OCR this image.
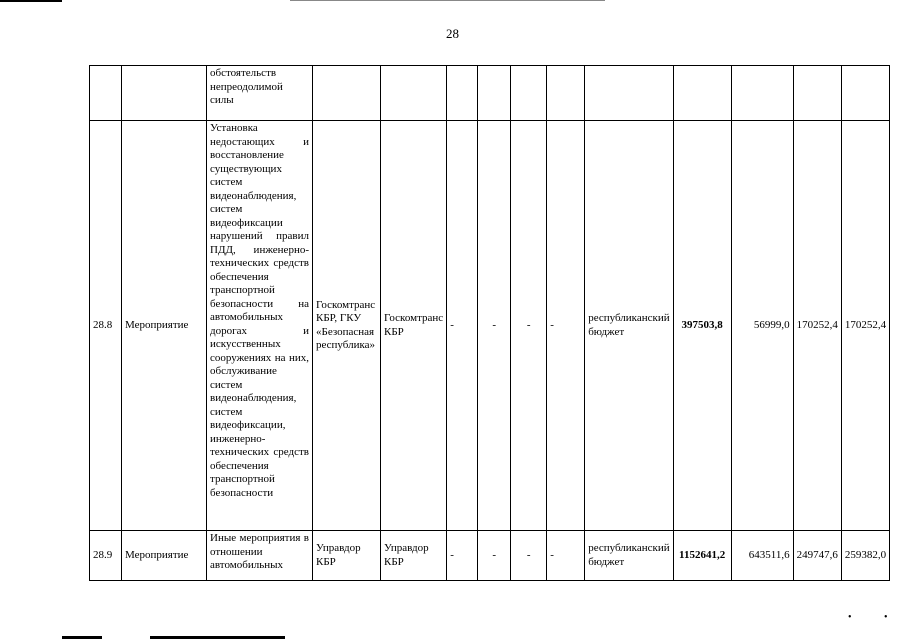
28
		обстоятельств непреодолимой силы											
28.8	Мероприятие	Установка недостающих и восстановление существующих систем видеонаблюдения, систем видеофиксации нарушений правил ПДД, инженерно-технических средств обеспечения транспортной безопасности на автомобильных дорогах и искусственных сооружениях на них, обслуживание систем видеонаблюдения, систем видеофиксации, инженерно-технических средств обеспечения транспортной безопасности	Госкомтранс КБР, ГКУ «Безопасная республика»	Госкомтранс КБР	-	-	-	-	республиканский бюджет	397503,8	56999,0	170252,4	170252,4
28.9	Мероприятие	Иные мероприятия в отношении автомобильных	Управдор КБР	Управдор КБР	-	-	-	-	республиканский бюджет	1152641,2	643511,6	249747,6	259382,0
•	•
